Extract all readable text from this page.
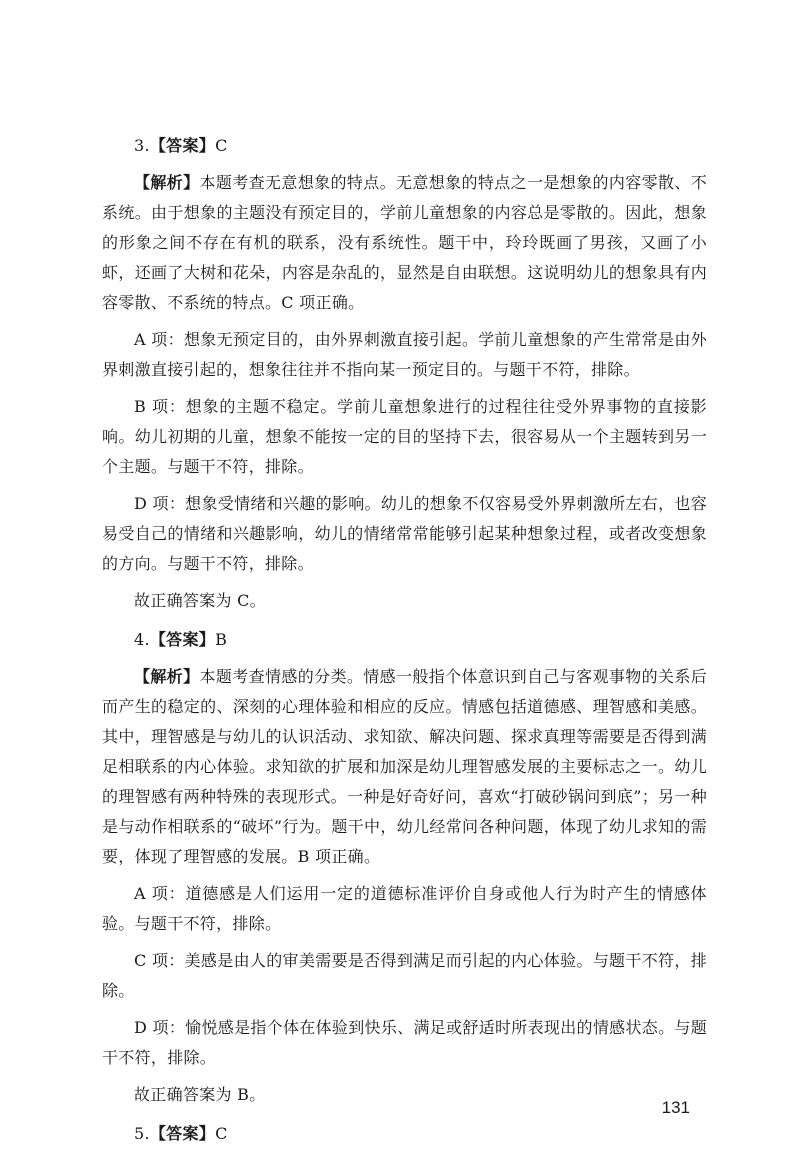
3.【答案】C

【解析】本题考查无意想象的特点。无意想象的特点之一是想象的内容零散、不系统。由于想象的主题没有预定目的，学前儿童想象的内容总是零散的。因此，想象的形象之间不存在有机的联系，没有系统性。题干中，玲玲既画了男孩，又画了小虾，还画了大树和花朵，内容是杂乱的，显然是自由联想。这说明幼儿的想象具有内容零散、不系统的特点。C 项正确。

A 项：想象无预定目的，由外界刺激直接引起。学前儿童想象的产生常常是由外界刺激直接引起的，想象往往并不指向某一预定目的。与题干不符，排除。

B 项：想象的主题不稳定。学前儿童想象进行的过程往往受外界事物的直接影响。幼儿初期的儿童，想象不能按一定的目的坚持下去，很容易从一个主题转到另一个主题。与题干不符，排除。

D 项：想象受情绪和兴趣的影响。幼儿的想象不仅容易受外界刺激所左右，也容易受自己的情绪和兴趣影响，幼儿的情绪常常能够引起某种想象过程，或者改变想象的方向。与题干不符，排除。

故正确答案为 C。

4.【答案】B

【解析】本题考查情感的分类。情感一般指个体意识到自己与客观事物的关系后而产生的稳定的、深刻的心理体验和相应的反应。情感包括道德感、理智感和美感。其中，理智感是与幼儿的认识活动、求知欲、解决问题、探求真理等需要是否得到满足相联系的内心体验。求知欲的扩展和加深是幼儿理智感发展的主要标志之一。幼儿的理智感有两种特殊的表现形式。一种是好奇好问，喜欢“打破砂锅问到底”；另一种是与动作相联系的“破坏”行为。题干中，幼儿经常问各种问题，体现了幼儿求知的需要，体现了理智感的发展。B 项正确。

A 项：道德感是人们运用一定的道德标准评价自身或他人行为时产生的情感体验。与题干不符，排除。

C 项：美感是由人的审美需要是否得到满足而引起的内心体验。与题干不符，排除。

D 项：愉悦感是指个体在体验到快乐、满足或舒适时所表现出的情感状态。与题干不符，排除。

故正确答案为 B。

5.【答案】C

131
